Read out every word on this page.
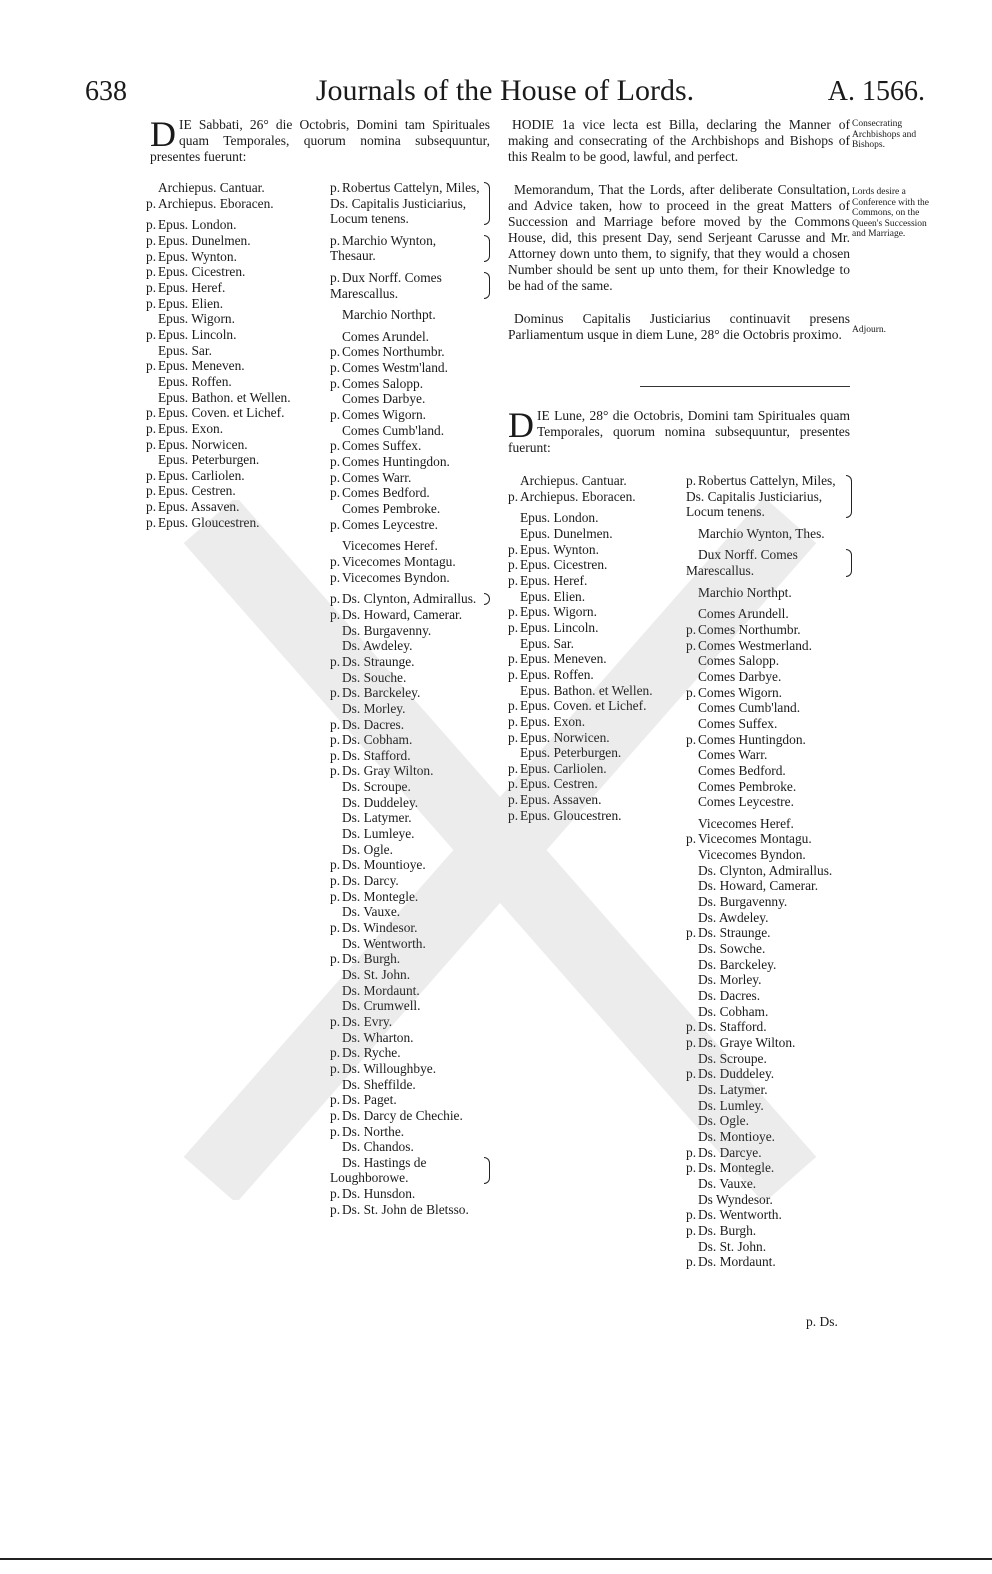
638	Journals of the House of Lords.	A. 1566.

DIE Sabbati, 26° die Octobris, Domini tam Spirituales quam Temporales, quorum nomina subsequuntur, presentes fuerunt:

Archiepus. Cantuar.
p. Archiepus. Eboracen.
p. Epus. London.
p. Epus. Dunelmen.
p. Epus. Wynton.
p. Epus. Cicestren.
p. Epus. Heref.
p. Epus. Elien.
Epus. Wigorn.
p. Epus. Lincoln.
Epus. Sar.
p. Epus. Meneven.
Epus. Roffen.
Epus. Bathon. et Wellen.
p. Epus. Coven. et Lichef.
p. Epus. Exon.
p. Epus. Norwicen.
Epus. Peterburgen.
p. Epus. Carliolen.
p. Epus. Cestren.
p. Epus. Assaven.
p. Epus. Gloucestren.
p. Robertus Cattelyn, Miles, Ds. Capitalis Justiciarius, Locum tenens.
p. Marchio Wynton, Thesaur.
p. Dux Norff. Comes Marescallus.
Marchio Northpt.
Comes Arundel.
p. Comes Northumbr.
p. Comes Westm'land.
p. Comes Salopp.
Comes Darbye.
p. Comes Wigorn.
Comes Cumb'land.
p. Comes Suffex.
p. Comes Huntingdon.
p. Comes Warr.
p. Comes Bedford.
Comes Pembroke.
p. Comes Leycestre.
Vicecomes Heref.
p. Vicecomes Montagu.
p. Vicecomes Byndon.
p. Ds. Clynton, Admirallus.
p. Ds. Howard, Camerar.
Ds. Burgavenny.
Ds. Awdeley.
p. Ds. Straunge.
Ds. Souche.
p. Ds. Barckeley.
Ds. Morley.
p. Ds. Dacres.
p. Ds. Cobham.
p. Ds. Stafford.
p. Ds. Gray Wilton.
Ds. Scroupe.
Ds. Duddeley.
Ds. Latymer.
Ds. Lumleye.
Ds. Ogle.
p. Ds. Mountioye.
p. Ds. Darcy.
p. Ds. Montegle.
Ds. Vauxe.
p. Ds. Windesor.
Ds. Wentworth.
p. Ds. Burgh.
Ds. St. John.
Ds. Mordaunt.
Ds. Crumwell.
p. Ds. Evry.
Ds. Wharton.
p. Ds. Ryche.
p. Ds. Willoughbye.
Ds. Sheffilde.
p. Ds. Paget.
p. Ds. Darcy de Chechie.
p. Ds. Northe.
Ds. Chandos.
Ds. Hastings de Loughborowe.
p. Ds. Hunsdon.
p. Ds. St. John de Bletsso.

HODIE 1a vice lecta est Billa, declaring the Manner of making and consecrating of the Archbishops and Bishops of this Realm to be good, lawful, and perfect.

Memorandum, That the Lords, after deliberate Consultation, and Advice taken, how to proceed in the great Matters of Succession and Marriage before moved by the Commons House, did, this present Day, send Serjeant Carusse and Mr. Attorney down unto them, to signify, that they would a chosen Number should be sent up unto them, for their Knowledge to be had of the same.

Dominus Capitalis Justiciarius continuavit presens Parliamentum usque in diem Lune, 28° die Octobris proximo.

Consecrating Archbishops and Bishops.
Lords desire a Conference with the Commons, on the Queen's Succession and Marriage.
Adjourn.

DIE Lune, 28° die Octobris, Domini tam Spirituales quam Temporales, quorum nomina subsequuntur, presentes fuerunt:

Archiepus. Cantuar.
p. Archiepus. Eboracen.
Epus. London.
Epus. Dunelmen.
p. Epus. Wynton.
p. Epus. Cicestren.
p. Epus. Heref.
Epus. Elien.
p. Epus. Wigorn.
p. Epus. Lincoln.
Epus. Sar.
p. Epus. Meneven.
p. Epus. Roffen.
Epus. Bathon. et Wellen.
p. Epus. Coven. et Lichef.
p. Epus. Exon.
p. Epus. Norwicen.
Epus. Peterburgen.
p. Epus. Carliolen.
p. Epus. Cestren.
p. Epus. Assaven.
p. Epus. Gloucestren.
p. Robertus Cattelyn, Miles, Ds. Capitalis Justiciarius, Locum tenens.
Marchio Wynton, Thes.
Dux Norff. Comes Marescallus.
Marchio Northpt.
Comes Arundell.
p. Comes Northumbr.
p. Comes Westmerland.
Comes Salopp.
Comes Darbye.
p. Comes Wigorn.
Comes Cumb'land.
Comes Suffex.
p. Comes Huntingdon.
Comes Warr.
Comes Bedford.
Comes Pembroke.
Comes Leycestre.
Vicecomes Heref.
p. Vicecomes Montagu.
Vicecomes Byndon.
Ds. Clynton, Admirallus.
Ds. Howard, Camerar.
Ds. Burgavenny.
Ds. Awdeley.
p. Ds. Straunge.
Ds. Sowche.
Ds. Barckeley.
Ds. Morley.
Ds. Dacres.
Ds. Cobham.
p. Ds. Stafford.
p. Ds. Graye Wilton.
Ds. Scroupe.
p. Ds. Duddeley.
Ds. Latymer.
Ds. Lumley.
Ds. Ogle.
Ds. Montioye.
p. Ds. Darcye.
p. Ds. Montegle.
Ds. Vauxe.
Ds Wyndesor.
p. Ds. Wentworth.
p. Ds. Burgh.
Ds. St. John.
p. Ds. Mordaunt.
p. Ds.
